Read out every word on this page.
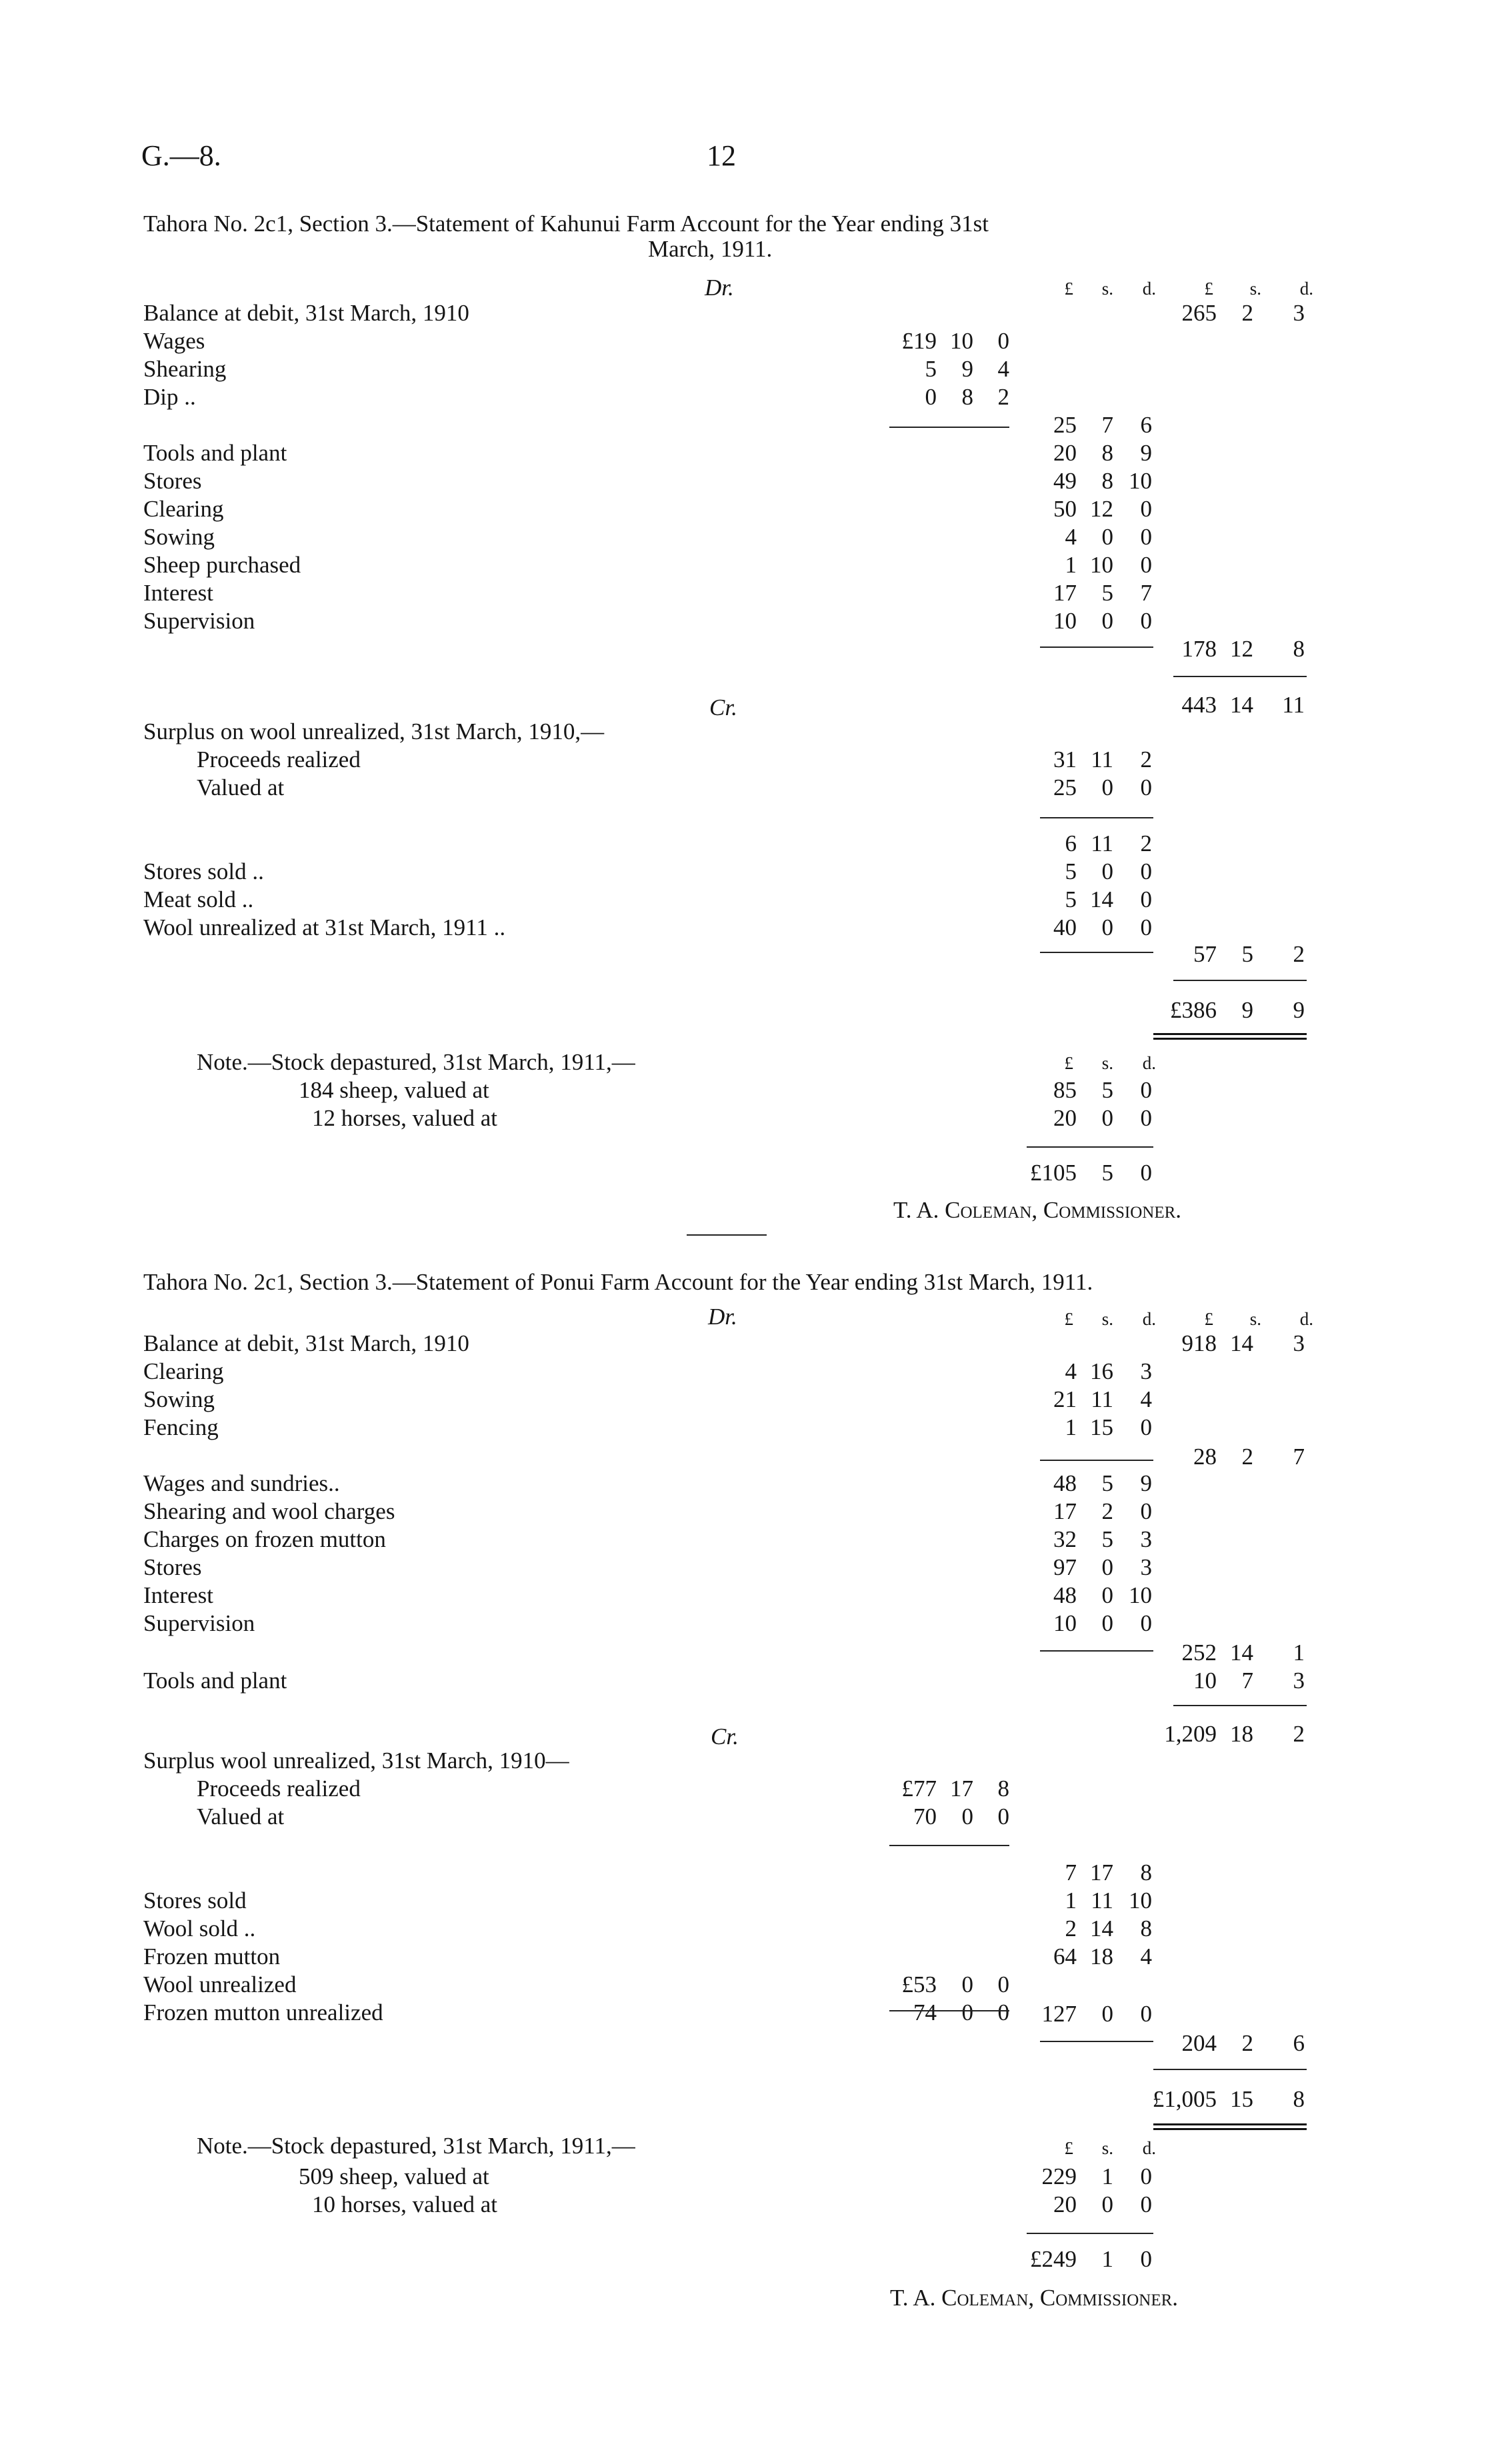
G.—8.	12
Tahora No. 2c1, Section 3.—Statement of Kahunui Farm Account for the Year ending 31st
March, 1911.
Dr.	£	s.	d.	£	s.	d.
Balance at debit, 31st March, 1910	265	2	3
Wages	£19 10	0
Shearing	5	9	4
Dip ..	0	8	2
25	7	6
Tools and plant	20	8	9
Stores	49	8 10
Clearing	50 12	0
Sowing	4	0	0
Sheep purchased	1 10	0
Interest	17	5	7
Supervision	10	0	0
178 12	8
Cr.	443 14	11
Surplus on wool unrealized, 31st March, 1910,—
Proceeds realized	31 11	2
Valued at	25	0	0
6 11	2
Stores sold ..	5	0	0
Meat sold ..	5 14	0
Wool unrealized at 31st March, 1911 ..	40	0	0
57	5	2
£386	9	9
Note.—Stock depastured, 31st March, 1911,—	£	s.	d.
184 sheep, valued at	85	5	0
12 horses, valued at	20	0	0
£105	5	0
T. A. Coleman, Commissioner.
Tahora No. 2c1, Section 3.—Statement of Ponui Farm Account for the Year ending 31st March, 1911.
Dr.	£	s.	d.	£	s.	d.
Balance at debit, 31st March, 1910	918 14	3
Clearing	4 16	3
Sowing	21 11	4
Fencing	1 15	0
28	2	7
Wages and sundries..	48	5	9
Shearing and wool charges	17	2	0
Charges on frozen mutton	32	5	3
Stores	97	0	3
Interest	48	0 10
Supervision	10	0	0
252 14	1
Tools and plant	10	7	3
Cr.	1,209 18	2
Surplus wool unrealized, 31st March, 1910—
Proceeds realized	£77 17	8
Valued at	70	0	0
7 17	8
Stores sold	1 11 10
Wool sold ..	2 14	8
Frozen mutton	64 18	4
Wool unrealized	£53	0	0
Frozen mutton unrealized	74	0	0	127	0	0
204	2	6
£1,005 15	8
Note.—Stock depastured, 31st March, 1911,—	£	s.	d.
509 sheep, valued at	229	1	0
10 horses, valued at	20	0	0
£249	1	0
T. A. Coleman, Commissioner.
